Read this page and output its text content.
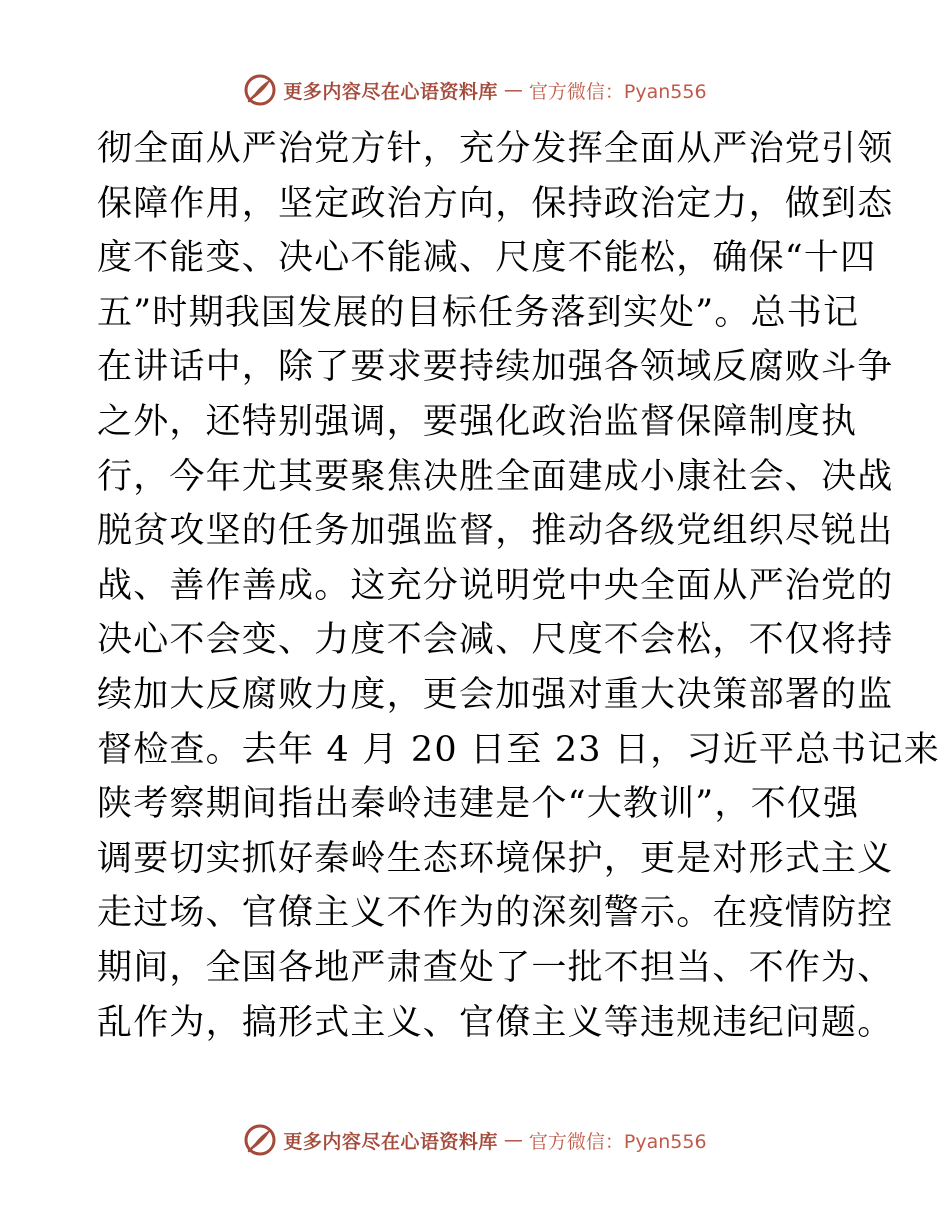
更多内容尽在心语资料库 — 官方微信：Pyan556
彻全面从严治党方针，充分发挥全面从严治党引领
保障作用，坚定政治方向，保持政治定力，做到态
度不能变、决心不能减、尺度不能松，确保“十四
五”时期我国发展的目标任务落到实处”。总书记
在讲话中，除了要求要持续加强各领域反腐败斗争
之外，还特别强调，要强化政治监督保障制度执
行，今年尤其要聚焦决胜全面建成小康社会、决战
脱贫攻坚的任务加强监督，推动各级党组织尽锐出
战、善作善成。这充分说明党中央全面从严治党的
决心不会变、力度不会减、尺度不会松，不仅将持
续加大反腐败力度，更会加强对重大决策部署的监
督检查。去年 4 月 20 日至 23 日，习近平总书记来
陕考察期间指出秦岭违建是个“大教训”，不仅强
调要切实抓好秦岭生态环境保护，更是对形式主义
走过场、官僚主义不作为的深刻警示。在疫情防控
期间，全国各地严肃查处了一批不担当、不作为、
乱作为，搞形式主义、官僚主义等违规违纪问题。
更多内容尽在心语资料库 — 官方微信：Pyan556
